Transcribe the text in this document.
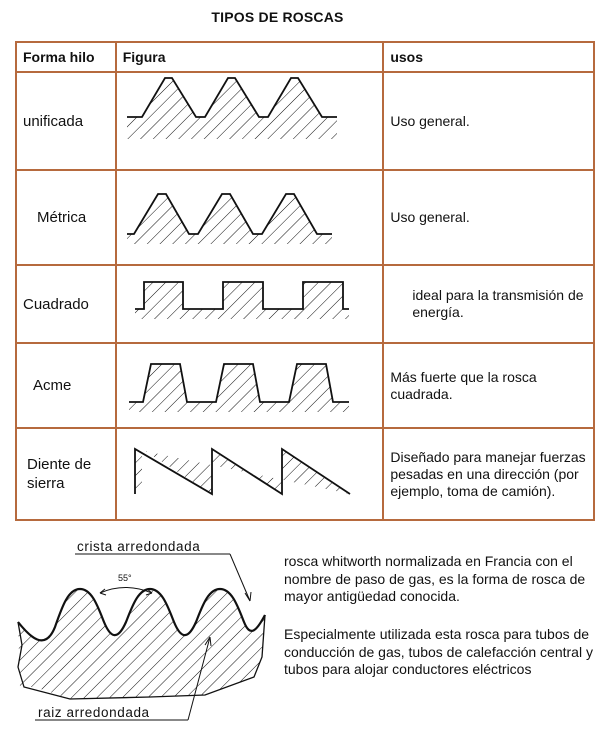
TIPOS DE ROSCAS
Forma hilo	Figura	usos
unificada		Uso general.
Métrica		Uso general.
Cuadrado		ideal para la transmisión de energía.

Acme		Más fuerte que la rosca cuadrada.
Diente de sierra		Diseñado para manejar fuerzas pesadas en una dirección (por ejemplo, toma de camión).
55°
crista arredondada
raiz arredondada
rosca whitworth normalizada en Francia con el nombre de paso de gas, es la forma de rosca de mayor antigüedad conocida.
Especialmente utilizada esta rosca para tubos de conducción de gas, tubos de calefacción central y tubos para alojar conductores eléctricos
